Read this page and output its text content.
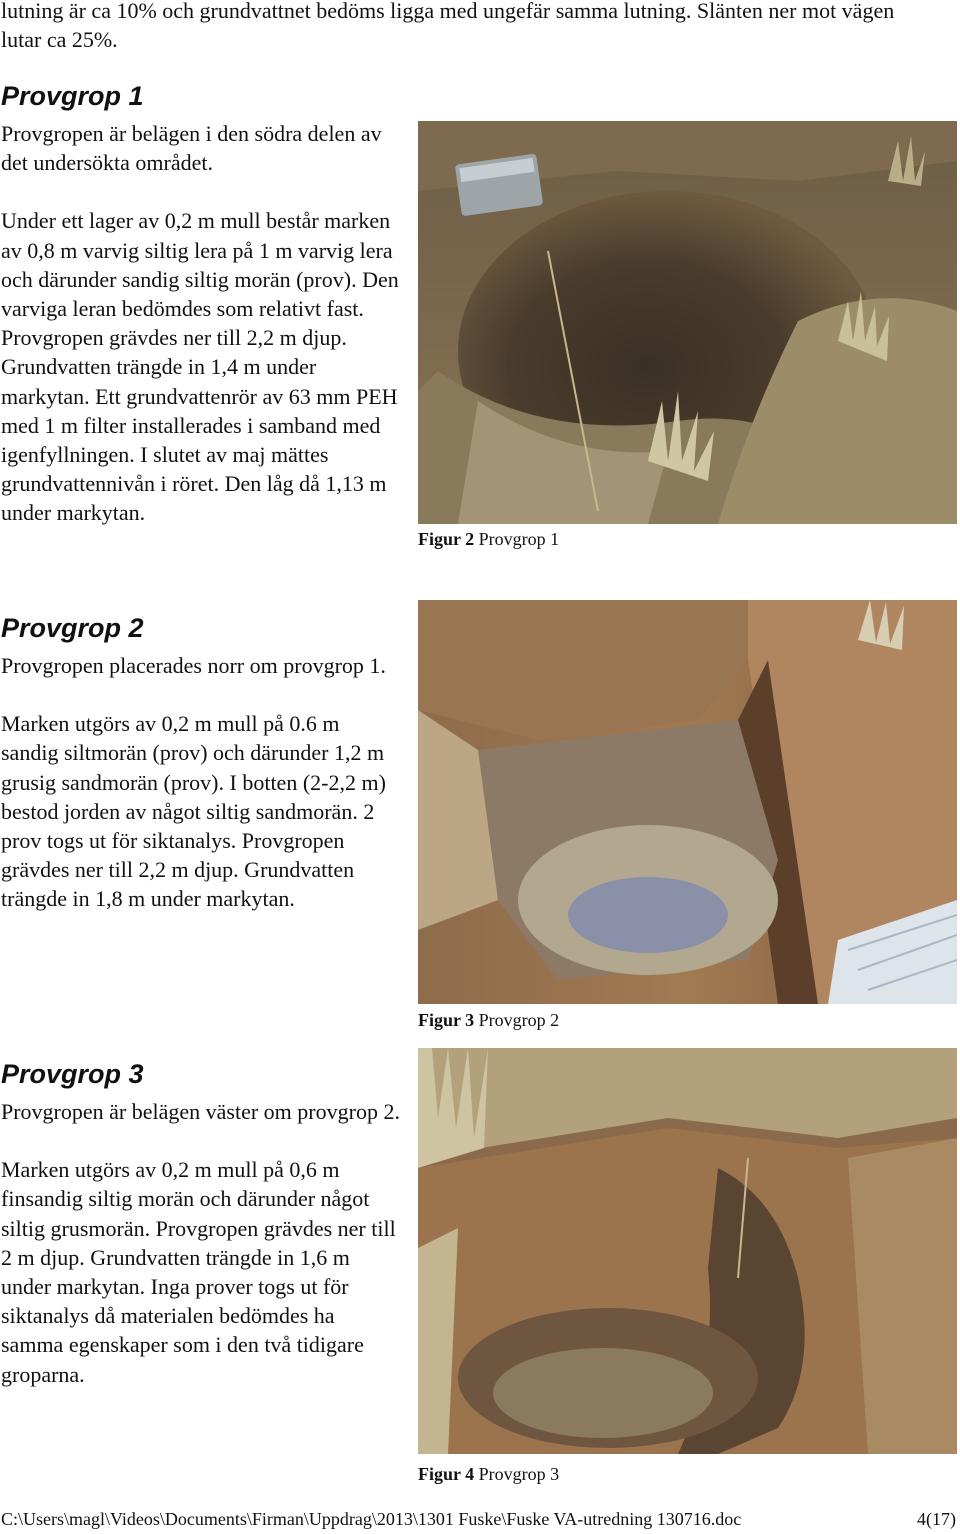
lutning är ca 10% och grundvattnet bedöms ligga med ungefär samma lutning. Slänten ner mot vägen lutar ca 25%.
Provgrop 1

Provgropen är belägen i den södra delen av det undersökta området.

Under ett lager av 0,2 m mull består marken av 0,8 m varvig siltig lera på 1 m varvig lera och därunder sandig siltig morän (prov). Den varviga leran bedömdes som relativt fast. Provgropen grävdes ner till 2,2 m djup. Grundvatten trängde in 1,4 m under markytan. Ett grundvattenrör av 63 mm PEH med 1 m filter installerades i samband med igenfyllningen. I slutet av maj mättes grundvattennivån i röret. Den låg då 1,13 m under markytan.

Figur 2 Provgrop 1
Provgrop 2

Provgropen placerades norr om provgrop 1.

Marken utgörs av 0,2 m mull på 0.6 m sandig siltmorän (prov) och därunder 1,2 m grusig sandmorän (prov). I botten (2-2,2 m) bestod jorden av något siltig sandmorän. 2 prov togs ut för siktanalys. Provgropen grävdes ner till 2,2 m djup. Grundvatten trängde in 1,8 m under markytan.

Figur 3 Provgrop 2
Provgrop 3

Provgropen är belägen väster om provgrop 2.

Marken utgörs av 0,2 m mull på 0,6 m finsandig siltig morän och därunder något siltig grusmorän. Provgropen grävdes ner till 2 m djup. Grundvatten trängde in 1,6 m under markytan. Inga prover togs ut för siktanalys då materialen bedömdes ha samma egenskaper som i den två tidigare groparna.

Figur 4 Provgrop 3
C:\Users\magl\Videos\Documents\Firman\Uppdrag\2013\1301 Fuske\Fuske VA-utredning 130716.doc	4(17)
